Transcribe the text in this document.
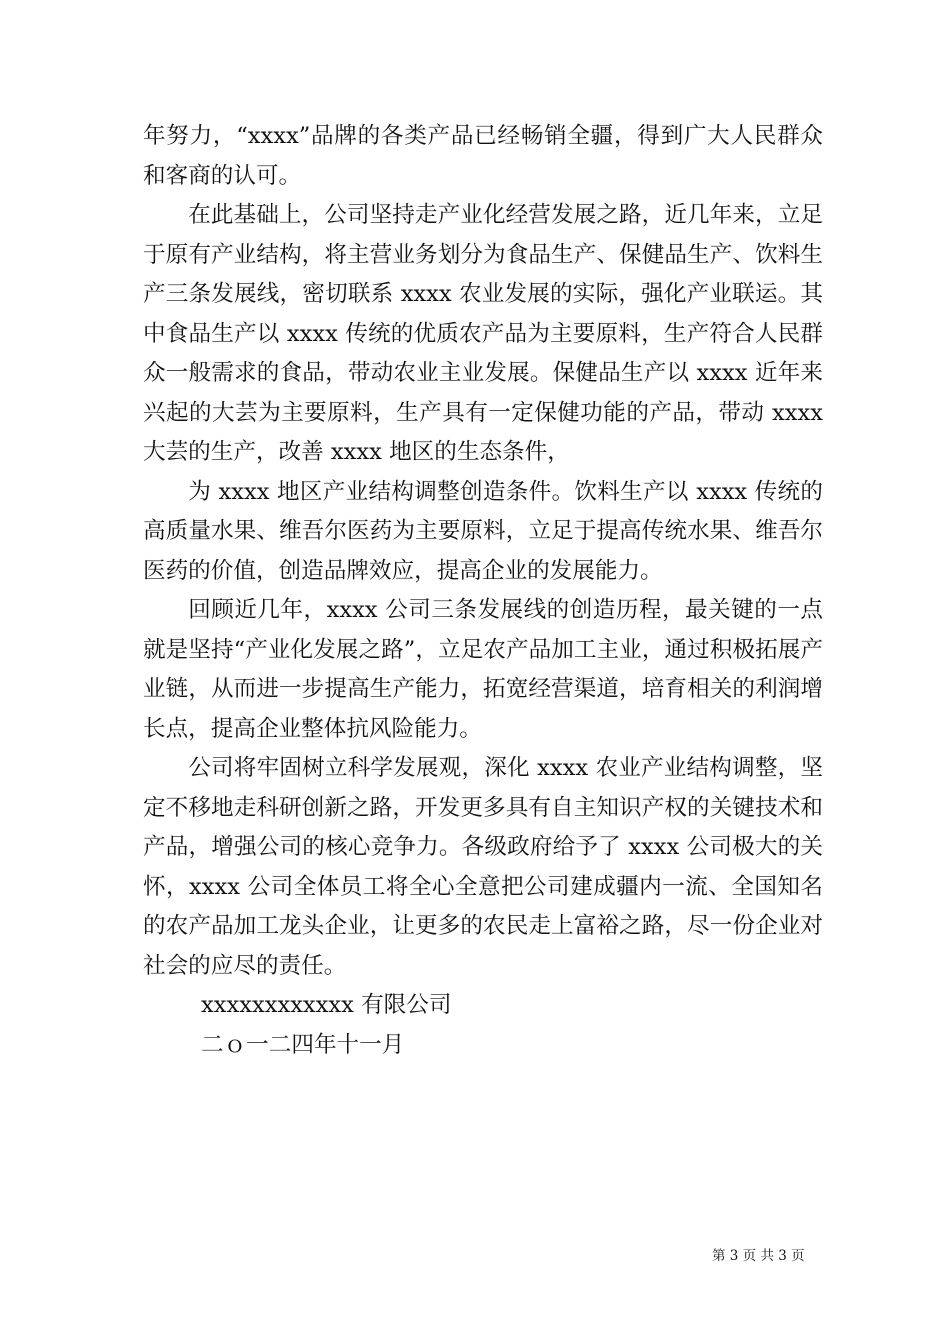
年努力，“xxxx”品牌的各类产品已经畅销全疆，得到广大人民群众和客商的认可。

在此基础上，公司坚持走产业化经营发展之路，近几年来，立足于原有产业结构，将主营业务划分为食品生产、保健品生产、饮料生产三条发展线，密切联系 xxxx 农业发展的实际，强化产业联运。其中食品生产以 xxxx 传统的优质农产品为主要原料，生产符合人民群众一般需求的食品，带动农业主业发展。保健品生产以 xxxx 近年来兴起的大芸为主要原料，生产具有一定保健功能的产品，带动 xxxx 大芸的生产，改善 xxxx 地区的生态条件，

为 xxxx 地区产业结构调整创造条件。饮料生产以 xxxx 传统的高质量水果、维吾尔医药为主要原料，立足于提高传统水果、维吾尔医药的价值，创造品牌效应，提高企业的发展能力。

回顾近几年，xxxx 公司三条发展线的创造历程，最关键的一点就是坚持“产业化发展之路”，立足农产品加工主业，通过积极拓展产业链，从而进一步提高生产能力，拓宽经营渠道，培育相关的利润增长点，提高企业整体抗风险能力。

公司将牢固树立科学发展观，深化 xxxx 农业产业结构调整，坚定不移地走科研创新之路，开发更多具有自主知识产权的关键技术和产品，增强公司的核心竞争力。各级政府给予了 xxxx 公司极大的关怀，xxxx 公司全体员工将全心全意把公司建成疆内一流、全国知名的农产品加工龙头企业，让更多的农民走上富裕之路，尽一份企业对社会的应尽的责任。

xxxxxxxxxxxx 有限公司

二ｏ一二四年十一月

第 3 页 共 3 页
